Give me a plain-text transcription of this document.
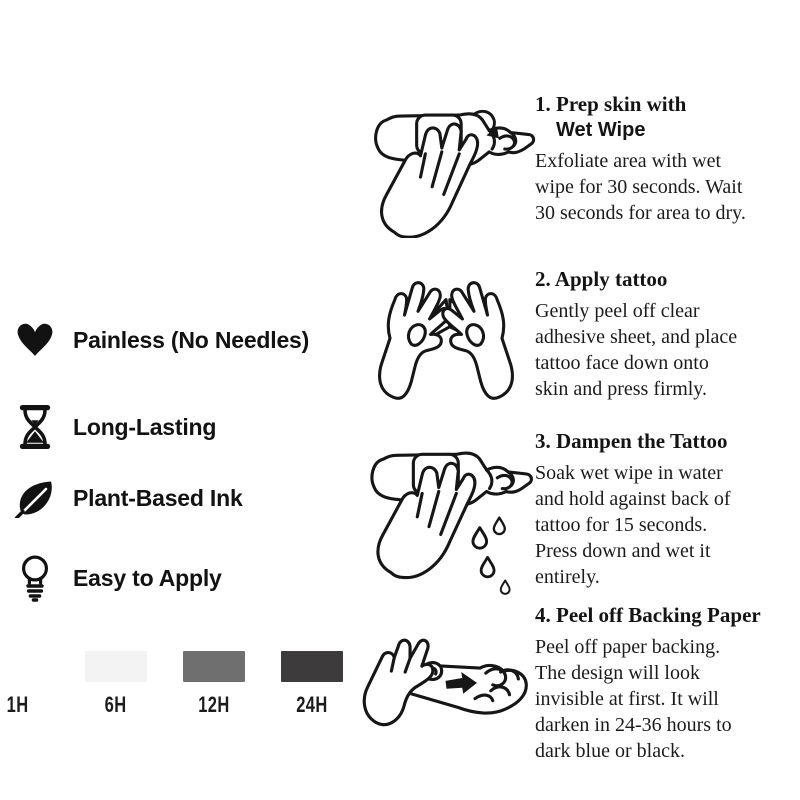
Painless (No Needles)
Long-Lasting
Plant-Based Ink
Easy to Apply
1H	6H	12H	24H
1. Prep skin with
Wet Wipe
Exfoliate area with wet
wipe for 30 seconds. Wait
30 seconds for area to dry.
2. Apply tattoo
Gently peel off clear
adhesive sheet, and place
tattoo face down onto
skin and press firmly.
3. Dampen the Tattoo
Soak wet wipe in water
and hold against back of
tattoo for 15 seconds.
Press down and wet it
entirely.
4. Peel off Backing Paper
Peel off paper backing.
The design will look
invisible at first. It will
darken in 24-36 hours to
dark blue or black.
